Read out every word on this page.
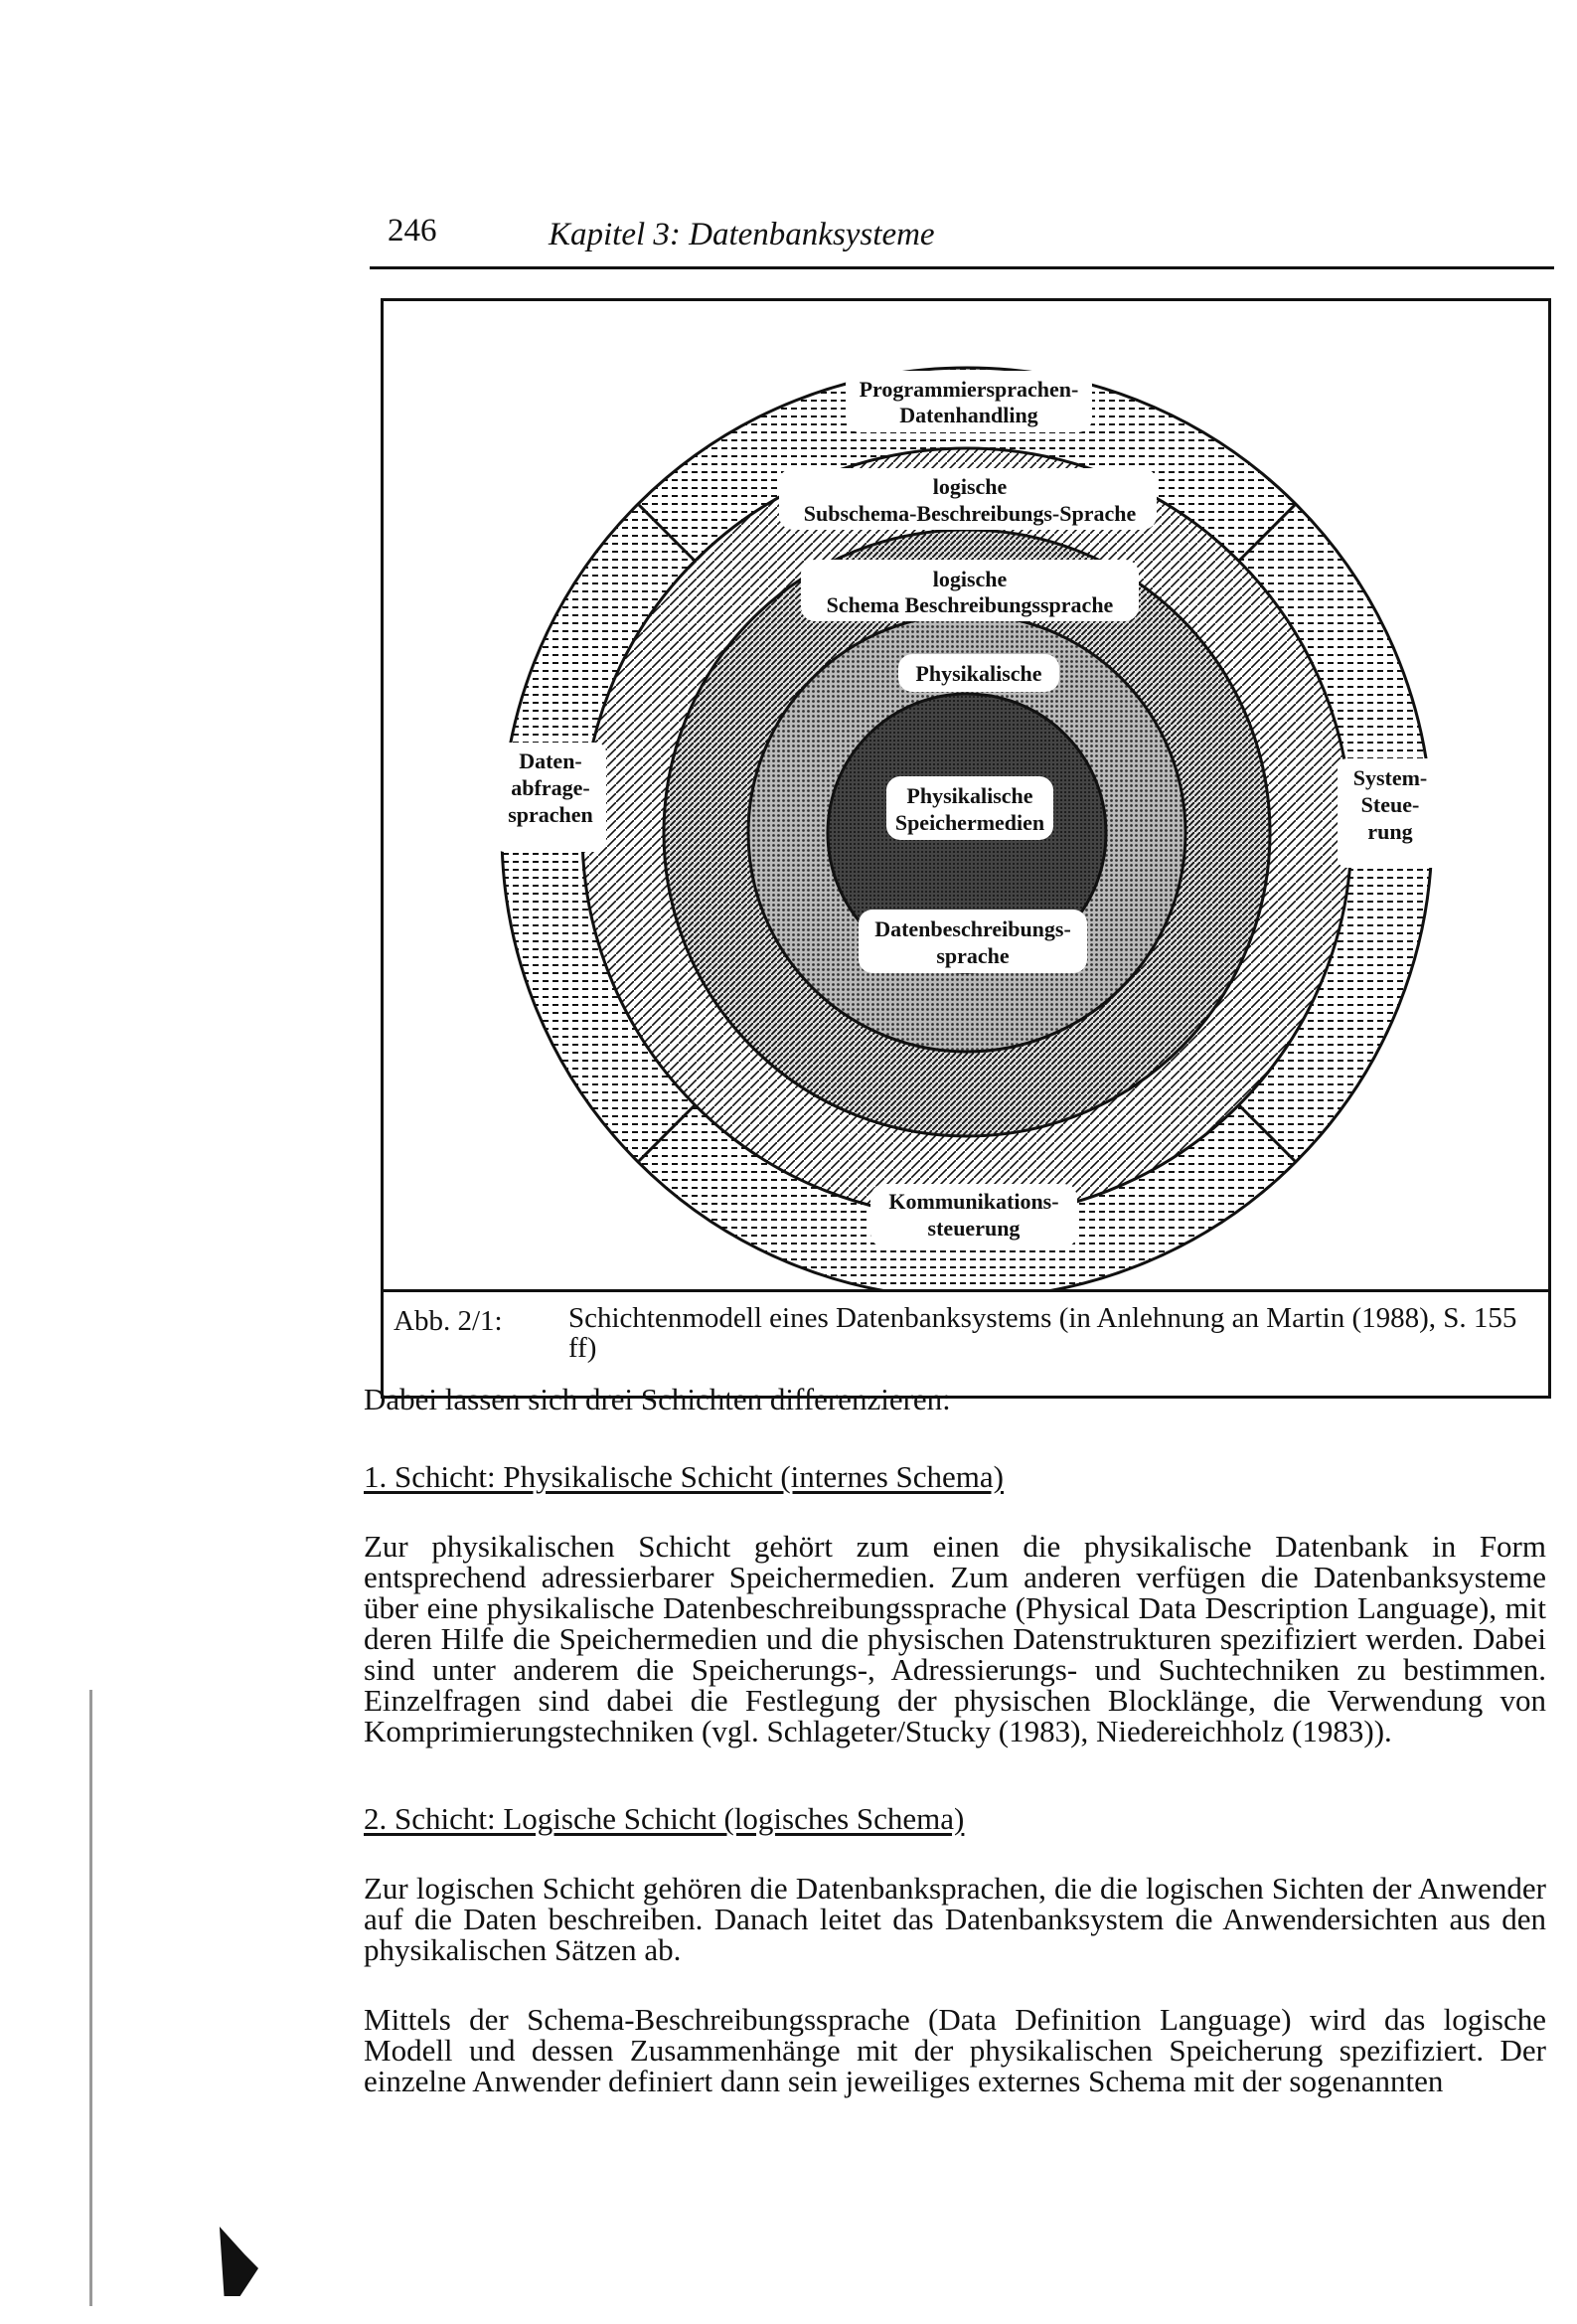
246	Kapitel 3: Datenbanksysteme
Programmiersprachen-
Datenhandling
logische
Subschema-Beschreibungs-Sprache
logische
Schema Beschreibungssprache
Physikalische
Physikalische
Speichermedien
Datenbeschreibungs-
sprache
Daten-
abfrage-
sprachen
System-
Steue-
rung
Kommunikations-
steuerung
Abb. 2/1: Schichtenmodell eines Datenbanksystems (in Anlehnung an Martin (1988), S. 155 ff)

Dabei lassen sich drei Schichten differenzieren:

1. Schicht: Physikalische Schicht (internes Schema)

Zur physikalischen Schicht gehört zum einen die physikalische Datenbank in Form entsprechend adressierbarer Speichermedien. Zum anderen verfügen die Datenbanksysteme über eine physikalische Datenbeschreibungssprache (Physical Data Description Language), mit deren Hilfe die Speichermedien und die physischen Datenstrukturen spezifiziert werden. Dabei sind unter anderem die Speicherungs-, Adressierungs- und Suchtechniken zu bestimmen. Einzelfragen sind dabei die Festlegung der physischen Blocklänge, die Verwendung von Komprimierungstechniken (vgl. Schlageter/Stucky (1983), Niedereichholz (1983)).

2. Schicht: Logische Schicht (logisches Schema)

Zur logischen Schicht gehören die Datenbanksprachen, die die logischen Sichten der Anwender auf die Daten beschreiben. Danach leitet das Datenbanksystem die Anwendersichten aus den physikalischen Sätzen ab.

Mittels der Schema-Beschreibungssprache (Data Definition Language) wird das logische Modell und dessen Zusammenhänge mit der physikalischen Speicherung spezifiziert. Der einzelne Anwender definiert dann sein jeweiliges externes Schema mit der sogenannten
